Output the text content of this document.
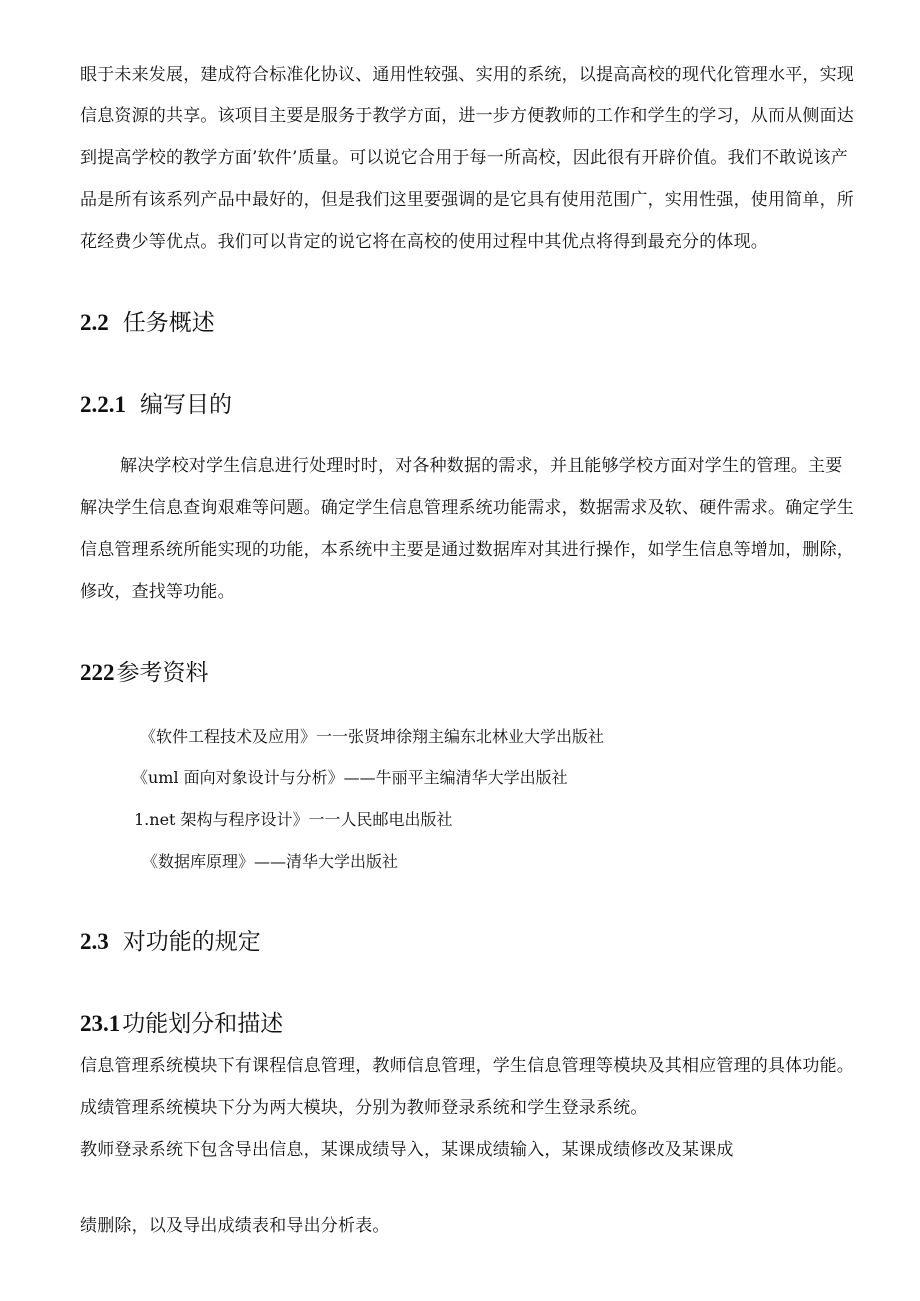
眼于未来发展，建成符合标准化协议、通用性较强、实用的系统，以提高高校的现代化管理水平，实现
信息资源的共享。该项目主要是服务于教学方面，进一步方便教师的工作和学生的学习，从而从侧面达
到提高学校的教学方面’软件’质量。可以说它合用于每一所高校，因此很有开辟价值。我们不敢说该产
品是所有该系列产品中最好的，但是我们这里要强调的是它具有使用范围广，实用性强，使用简单，所
花经费少等优点。我们可以肯定的说它将在高校的使用过程中其优点将得到最充分的体现。
2.2 任务概述
2.2.1 编写目的
解决学校对学生信息进行处理时时，对各种数据的需求，并且能够学校方面对学生的管理。主要
解决学生信息查询艰难等问题。确定学生信息管理系统功能需求，数据需求及软、硬件需求。确定学生
信息管理系统所能实现的功能，本系统中主要是通过数据库对其进行操作，如学生信息等增加，删除，
修改，查找等功能。
222参考资料
《软件工程技术及应用》一一张贤坤徐翔主编东北林业大学出版社
《uml 面向对象设计与分析》——牛丽平主编清华大学出版社
1.net 架构与程序设计》一一人民邮电出版社
《数据库原理》——清华大学出版社
2.3 对功能的规定
23.1功能划分和描述
信息管理系统模块下有课程信息管理，教师信息管理，学生信息管理等模块及其相应管理的具体功能。
成绩管理系统模块下分为两大模块，分别为教师登录系统和学生登录系统。
教师登录系统下包含导出信息，某课成绩导入，某课成绩输入，某课成绩修改及某课成
绩删除，以及导出成绩表和导出分析表。
